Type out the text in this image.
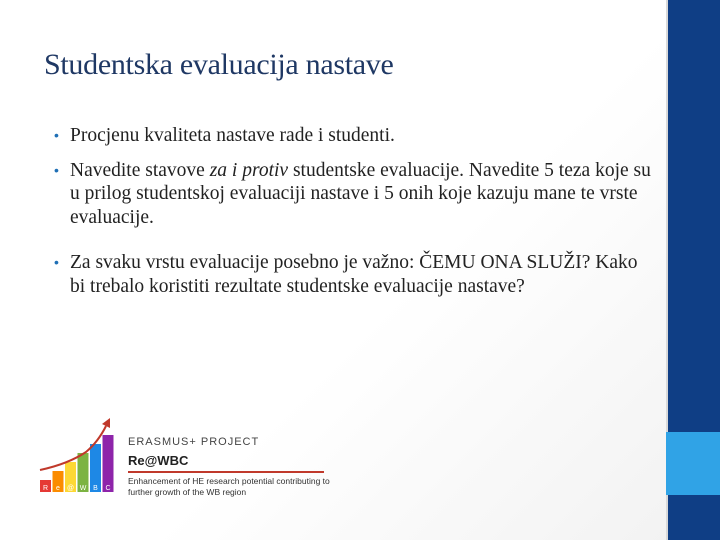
Studentska evaluacija nastave
• Procjenu kvaliteta nastave rade i studenti.
• Navedite stavove za i protiv studentske evaluacije. Navedite 5 teza koje su u prilog studentskoj evaluaciji nastave i 5 onih koje kazuju mane te vrste evaluacije.
• Za svaku vrstu evaluacije posebno je važno: ČEMU ONA SLUŽI? Kako bi trebalo koristiti rezultate studentske evaluacije nastave?
R e @ W B C
ERASMUS+ PROJECT
Re@WBC
Enhancement of HE research potential contributing to further growth of the WB region
